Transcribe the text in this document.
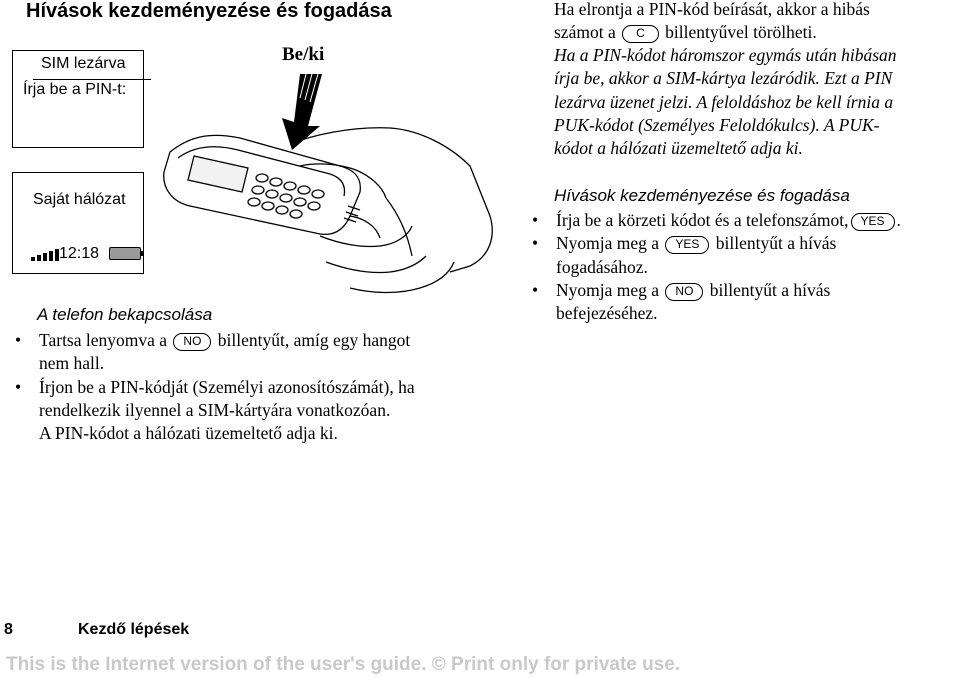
Hívások kezdeményezése és fogadása
SIM lezárva
Írja be a PIN-t:
Saját hálózat
12:18
Be/ki
A telefon bekapcsolása
• Tartsa lenyomva a NO billentyűt, amíg egy hangot
nem hall.
• Írjon be a PIN-kódját (Személyi azonosítószámát), ha
rendelkezik ilyennel a SIM-kártyára vonatkozóan.
A PIN-kódot a hálózati üzemeltető adja ki.
Ha elrontja a PIN-kód beírását, akkor a hibás
számot a C billentyűvel törölheti.
Ha a PIN-kódot háromszor egymás után hibásan
írja be, akkor a SIM-kártya lezáródik. Ezt a PIN
lezárva üzenet jelzi. A feloldáshoz be kell írnia a
PUK-kódot (Személyes Feloldókulcs). A PUK-
kódot a hálózati üzemeltető adja ki.
Hívások kezdeményezése és fogadása
• Írja be a körzeti kódot és a telefonszámot, YES .
• Nyomja meg a YES billentyűt a hívás
fogadásához.
• Nyomja meg a NO billentyűt a hívás
befejezéséhez.
8	Kezdő lépések
This is the Internet version of the user's guide. © Print only for private use.
